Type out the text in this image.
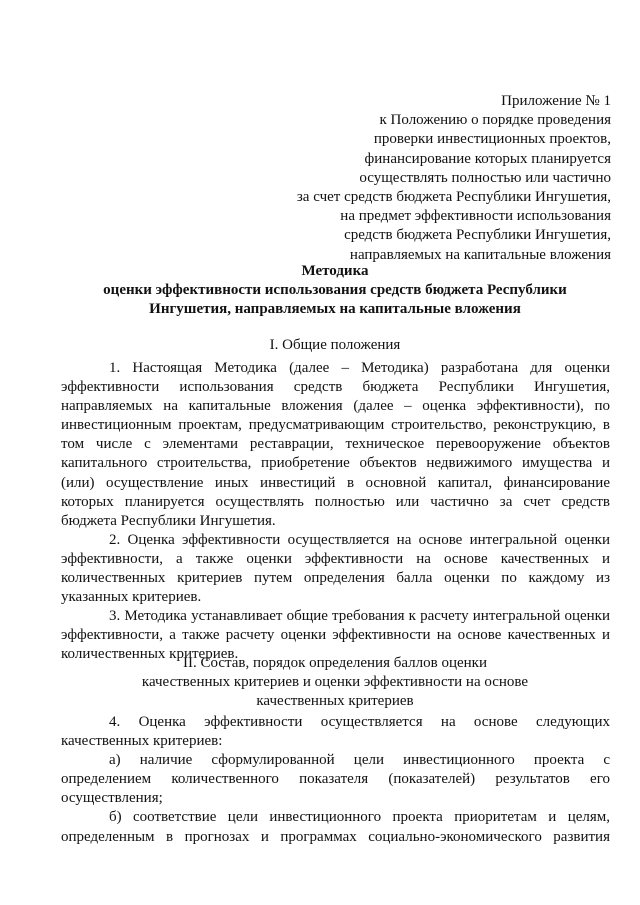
Приложение № 1
к Положению о порядке проведения
проверки инвестиционных проектов,
финансирование которых планируется
осуществлять полностью или частично
за счет средств бюджета Республики Ингушетия,
на предмет эффективности использования
средств бюджета Республики Ингушетия,
направляемых на капитальные вложения
Методика
оценки эффективности использования средств бюджета Республики
Ингушетия, направляемых на капитальные вложения
I. Общие положения

1. Настоящая Методика (далее – Методика) разработана для оценки эффективности использования средств бюджета Республики Ингушетия, направляемых на капитальные вложения (далее – оценка эффективности), по инвестиционным проектам, предусматривающим строительство, реконструкцию, в том числе с элементами реставрации, техническое перевооружение объектов капитального строительства, приобретение объектов недвижимого имущества и (или) осуществление иных инвестиций в основной капитал, финансирование которых планируется осуществлять полностью или частично за счет средств бюджета Республики Ингушетия.

2. Оценка эффективности осуществляется на основе интегральной оценки эффективности, а также оценки эффективности на основе качественных и количественных критериев путем определения балла оценки по каждому из указанных критериев.

3. Методика устанавливает общие требования к расчету интегральной оценки эффективности, а также расчету оценки эффективности на основе качественных и количественных критериев.

II. Состав, порядок определения баллов оценки
качественных критериев и оценки эффективности на основе
качественных критериев

4. Оценка эффективности осуществляется на основе следующих качественных критериев:

а) наличие сформулированной цели инвестиционного проекта с определением количественного показателя (показателей) результатов его осуществления;

б) соответствие цели инвестиционного проекта приоритетам и целям, определенным в прогнозах и программах социально-экономического развития
